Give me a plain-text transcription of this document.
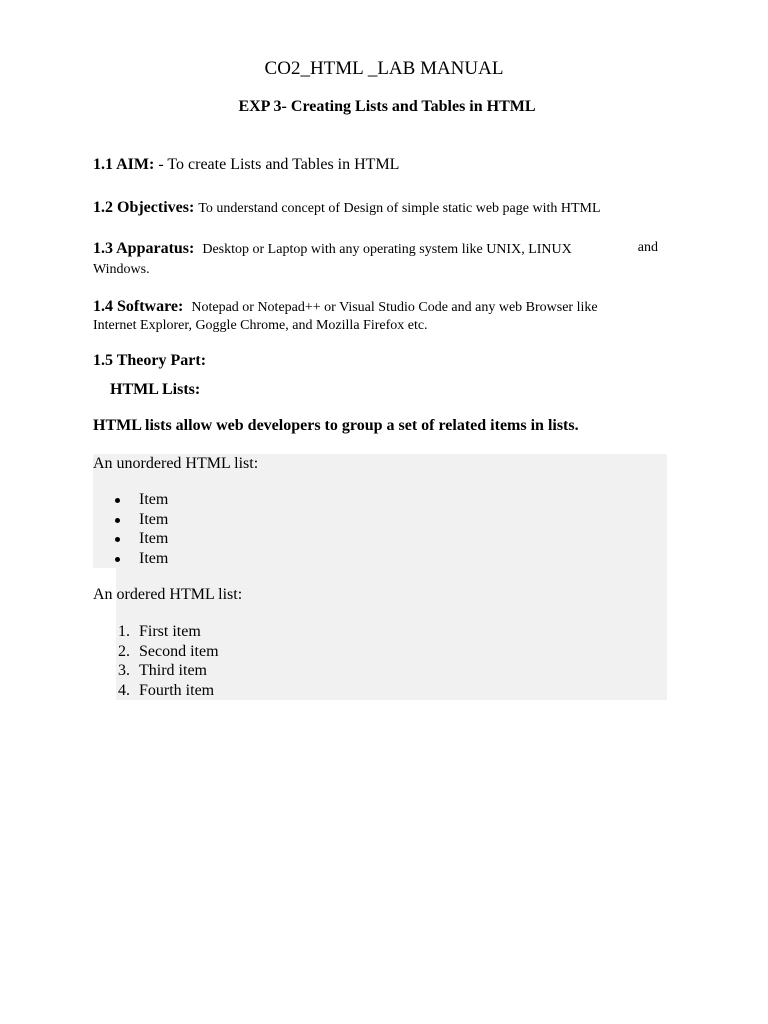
CO2_HTML _LAB MANUAL
EXP 3- Creating Lists and Tables in HTML
1.1 AIM: - To create Lists and Tables in HTML
1.2 Objectives: To understand concept of Design of simple static web page with HTML
1.3 Apparatus: Desktop or Laptop with any operating system like UNIX, LINUX	and
Windows.
1.4 Software: Notepad or Notepad++ or Visual Studio Code and any web Browser like
Internet Explorer, Goggle Chrome, and Mozilla Firefox etc.
1.5 Theory Part:
HTML Lists:
HTML lists allow web developers to group a set of related items in lists.
An unordered HTML list:
Item
Item
Item
Item
An ordered HTML list:
1. First item
2. Second item
3. Third item
4. Fourth item
